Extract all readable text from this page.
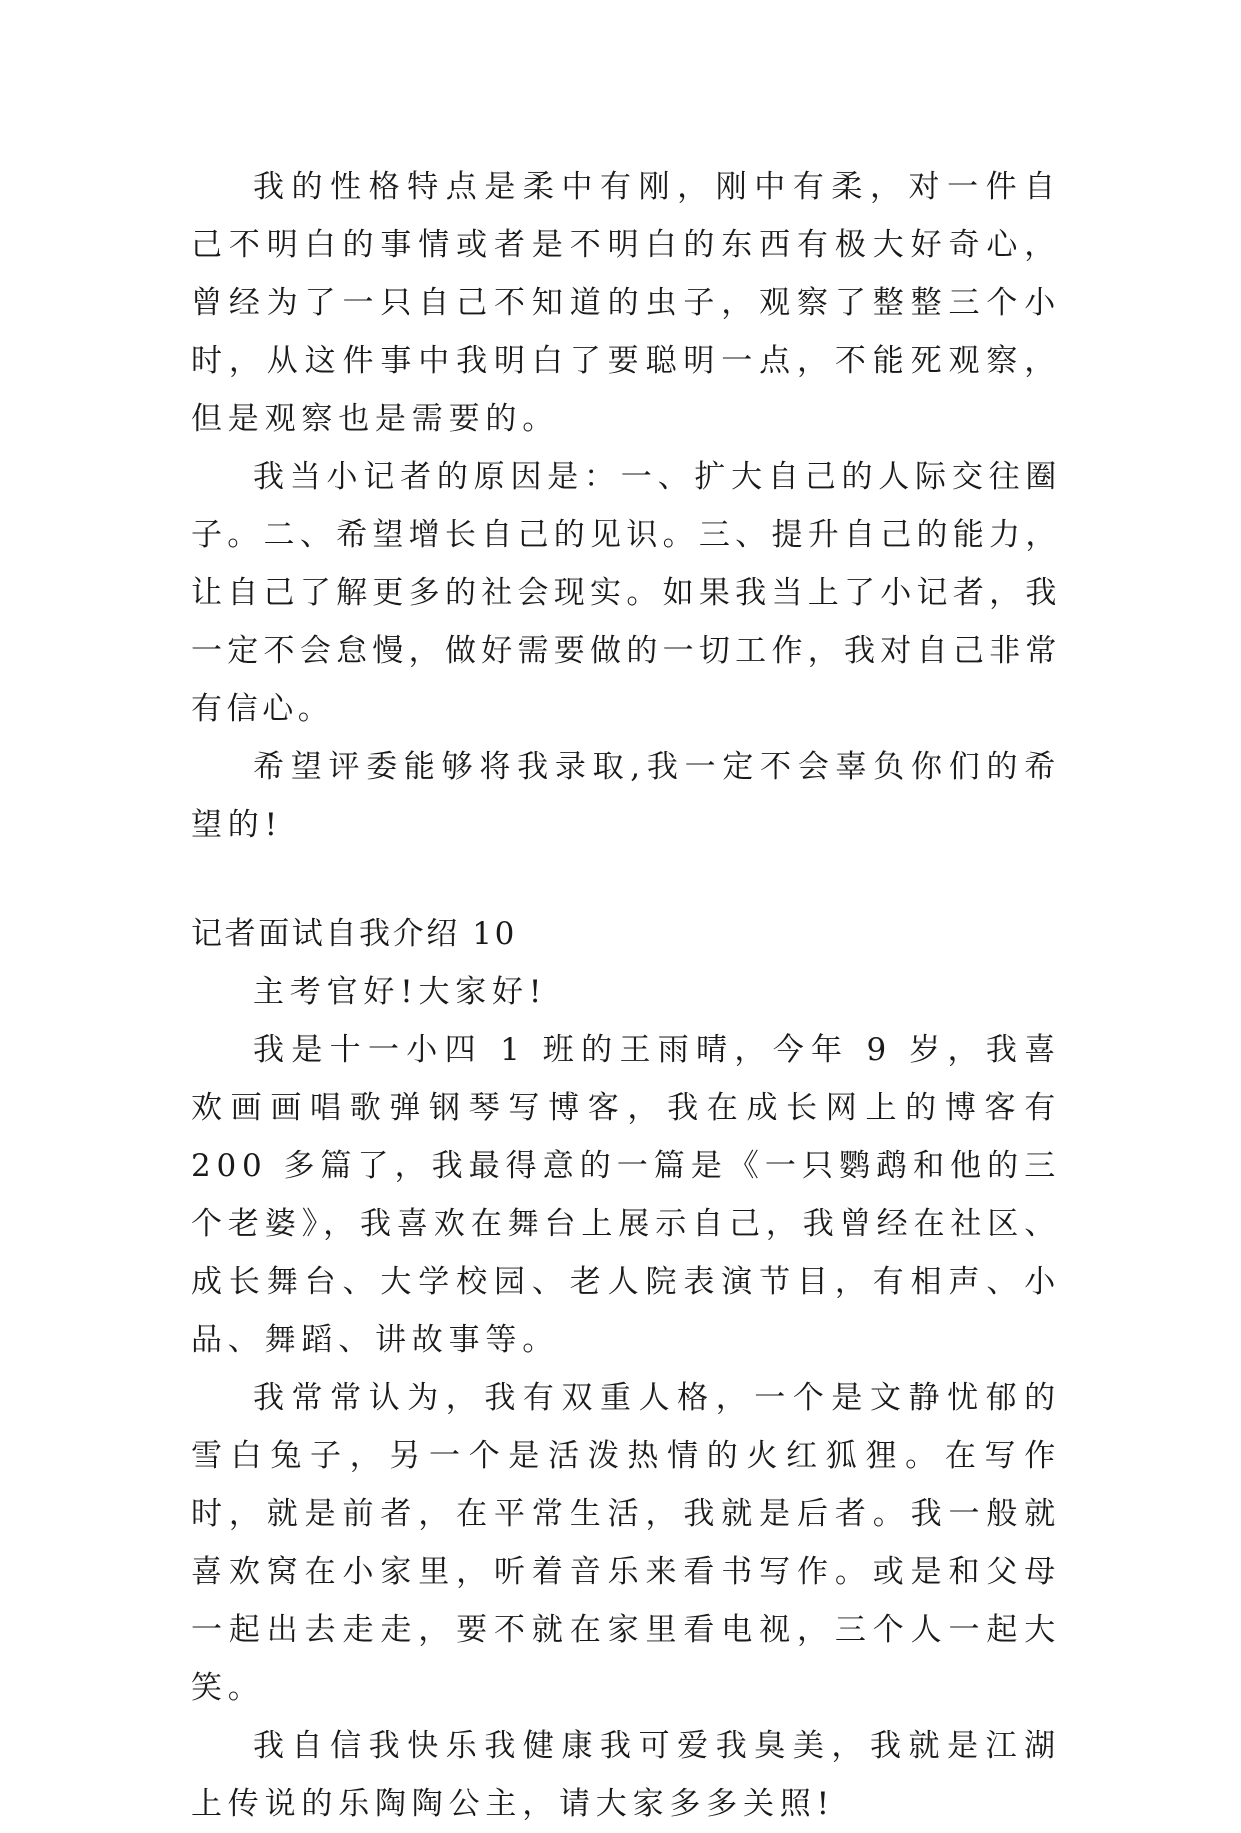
我的性格特点是柔中有刚，刚中有柔，对一件自己不明白的事情或者是不明白的东西有极大好奇心，曾经为了一只自己不知道的虫子，观察了整整三个小时，从这件事中我明白了要聪明一点，不能死观察，但是观察也是需要的。

我当小记者的原因是：一、扩大自己的人际交往圈子。二、希望增长自己的见识。三、提升自己的能力，让自己了解更多的社会现实。如果我当上了小记者，我一定不会怠慢，做好需要做的一切工作，我对自己非常有信心。

希望评委能够将我录取,我一定不会辜负你们的希望的!

记者面试自我介绍 10

主考官好!大家好!

我是十一小四 1 班的王雨晴，今年 9 岁，我喜欢画画唱歌弹钢琴写博客，我在成长网上的博客有 200 多篇了，我最得意的一篇是《一只鹦鹉和他的三个老婆》，我喜欢在舞台上展示自己，我曾经在社区、成长舞台、大学校园、老人院表演节目，有相声、小品、舞蹈、讲故事等。

我常常认为，我有双重人格，一个是文静忧郁的雪白兔子，另一个是活泼热情的火红狐狸。在写作时，就是前者，在平常生活，我就是后者。我一般就喜欢窝在小家里，听着音乐来看书写作。或是和父母一起出去走走，要不就在家里看电视，三个人一起大笑。

我自信我快乐我健康我可爱我臭美，我就是江湖上传说的乐陶陶公主，请大家多多关照!
